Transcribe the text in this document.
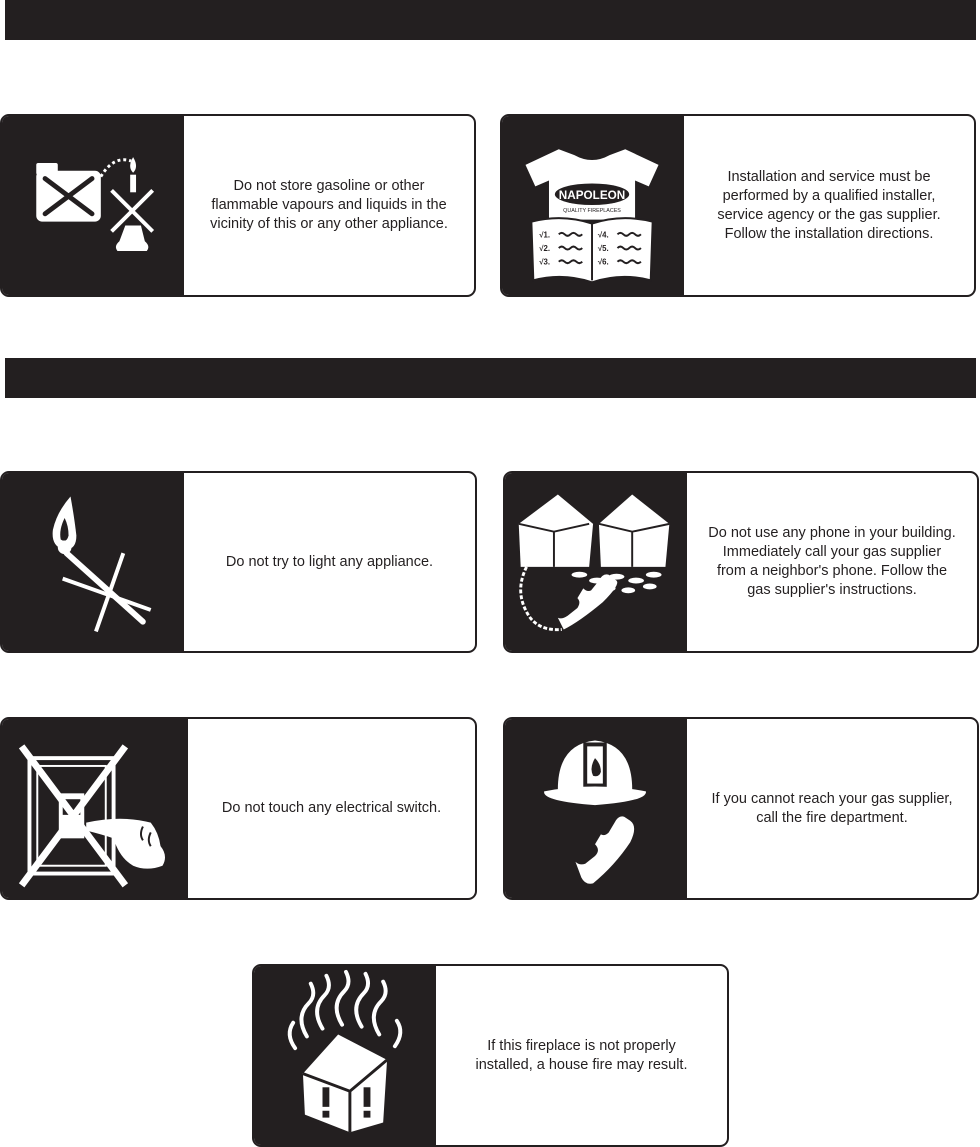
Do not store gasoline or other
flammable vapours and liquids in the
vicinity of this or any other appliance.
NAPOLEON
QUALITY FIREPLACES
√1.
√2.
√3.
√4.
√5.
√6.
Installation and service must be
performed by a qualified installer,
service agency or the gas supplier.
Follow the installation directions.
Do not try to light any appliance.
Do not use any phone in your building.
Immediately call your gas supplier
from a neighbor's phone. Follow the
gas supplier's instructions.
Do not touch any electrical switch.
If you cannot reach your gas supplier,
call the fire department.
If this fireplace is not properly
installed, a house fire may result.
